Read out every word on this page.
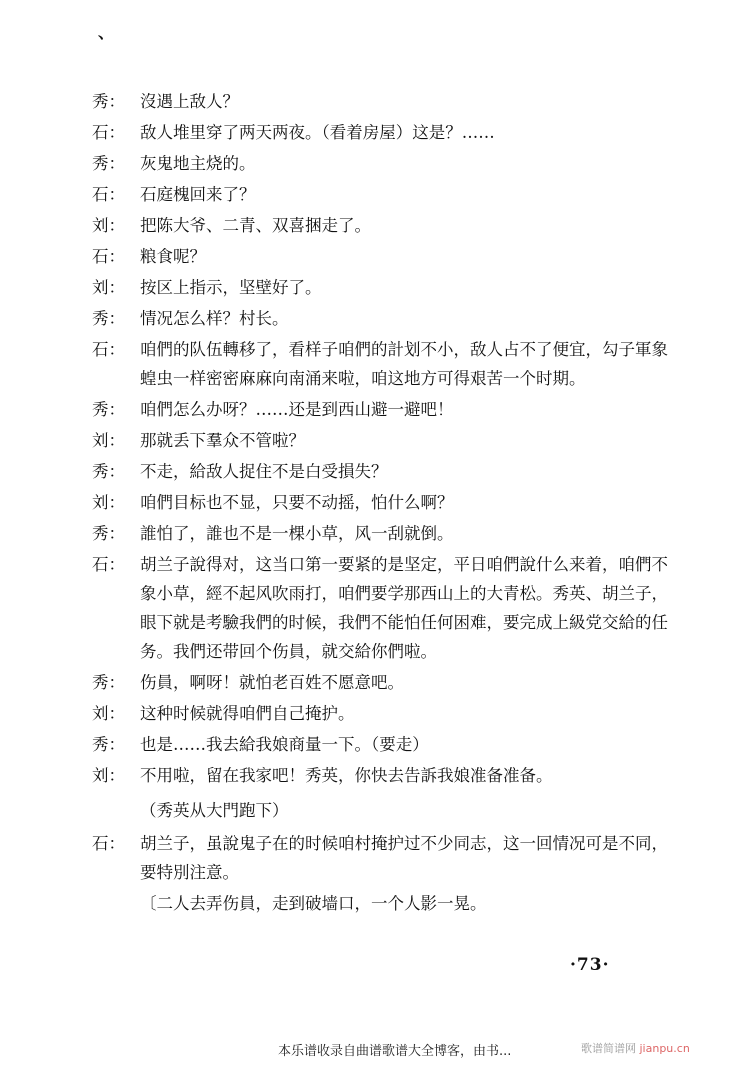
、
秀： 沒遇上敌人？
石： 敌人堆里穿了两天两夜。（看着房屋）这是？……
秀： 灰鬼地主烧的。
石： 石庭槐回来了？
刘： 把陈大爷、二青、双喜捆走了。
石： 粮食呢？
刘： 按区上指示，坚壁好了。
秀： 情况怎么样？村长。
石： 咱們的队伍轉移了，看样子咱們的計划不小，敌人占不了便宜，勾子軍象蝗虫一样密密麻麻向南涌来啦，咱这地方可得艰苦一个时期。
秀： 咱們怎么办呀？……还是到西山避一避吧！
刘： 那就丢下羣众不管啦？
秀： 不走，給敌人捉住不是白受損失？
刘： 咱們目标也不显，只要不动摇，怕什么啊？
秀： 誰怕了，誰也不是一棵小草，风一刮就倒。
石： 胡兰子說得对，这当口第一要紧的是坚定，平日咱們說什么来着，咱們不象小草，經不起风吹雨打，咱們要学那西山上的大青松。秀英、胡兰子，眼下就是考驗我們的时候，我們不能怕任何困难，要完成上級党交給的任务。我們还带回个伤員，就交給你們啦。
秀： 伤員，啊呀！就怕老百姓不愿意吧。
刘： 这种时候就得咱們自己掩护。
秀： 也是……我去給我娘商量一下。（要走）
刘： 不用啦，留在我家吧！秀英，你快去告訴我娘准备准备。
（秀英从大門跑下）
石： 胡兰子，虽說鬼子在的时候咱村掩护过不少同志，这一回情况可是不同，要特別注意。
〔二人去弄伤員，走到破墙口，一个人影一晃。
·73·
本乐谱收录自曲谱歌谱大全博客，由书...	歌谱简谱网 jianpu.cn
